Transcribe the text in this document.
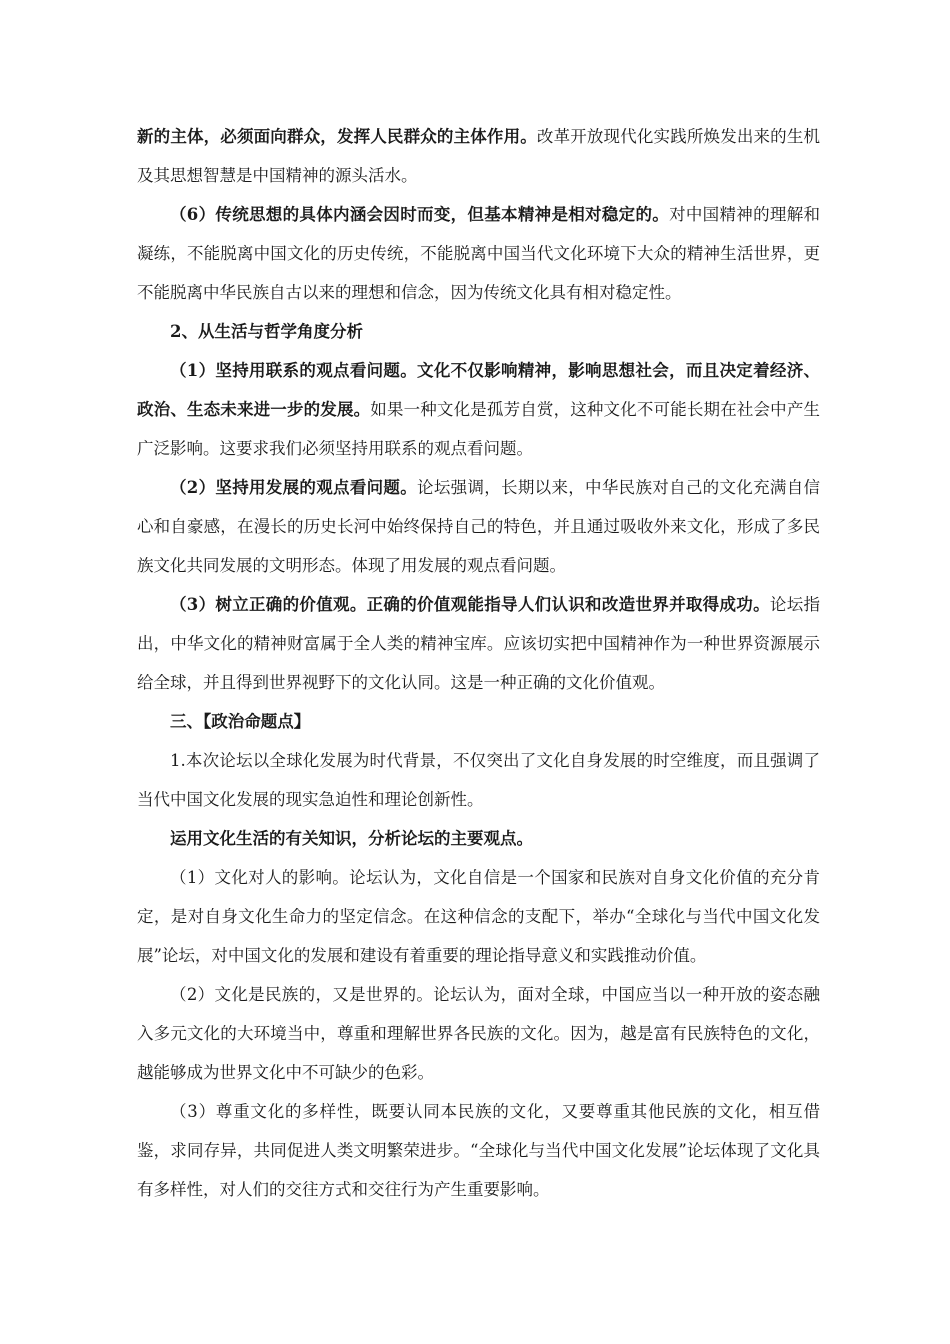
新的主体，必须面向群众，发挥人民群众的主体作用。改革开放现代化实践所焕发出来的生机及其思想智慧是中国精神的源头活水。

（6）传统思想的具体内涵会因时而变，但基本精神是相对稳定的。对中国精神的理解和凝练，不能脱离中国文化的历史传统，不能脱离中国当代文化环境下大众的精神生活世界，更不能脱离中华民族自古以来的理想和信念，因为传统文化具有相对稳定性。

2、从生活与哲学角度分析

（1）坚持用联系的观点看问题。文化不仅影响精神，影响思想社会，而且决定着经济、政治、生态未来进一步的发展。如果一种文化是孤芳自赏，这种文化不可能长期在社会中产生广泛影响。这要求我们必须坚持用联系的观点看问题。

（2）坚持用发展的观点看问题。论坛强调，长期以来，中华民族对自己的文化充满自信心和自豪感，在漫长的历史长河中始终保持自己的特色，并且通过吸收外来文化，形成了多民族文化共同发展的文明形态。体现了用发展的观点看问题。

（3）树立正确的价值观。正确的价值观能指导人们认识和改造世界并取得成功。论坛指出，中华文化的精神财富属于全人类的精神宝库。应该切实把中国精神作为一种世界资源展示给全球，并且得到世界视野下的文化认同。这是一种正确的文化价值观。

三、【政治命题点】

1.本次论坛以全球化发展为时代背景，不仅突出了文化自身发展的时空维度，而且强调了当代中国文化发展的现实急迫性和理论创新性。

运用文化生活的有关知识，分析论坛的主要观点。

（1）文化对人的影响。论坛认为，文化自信是一个国家和民族对自身文化价值的充分肯定，是对自身文化生命力的坚定信念。在这种信念的支配下，举办“全球化与当代中国文化发展”论坛，对中国文化的发展和建设有着重要的理论指导意义和实践推动价值。

（2）文化是民族的，又是世界的。论坛认为，面对全球，中国应当以一种开放的姿态融入多元文化的大环境当中，尊重和理解世界各民族的文化。因为，越是富有民族特色的文化，越能够成为世界文化中不可缺少的色彩。

（3）尊重文化的多样性，既要认同本民族的文化，又要尊重其他民族的文化，相互借鉴，求同存异，共同促进人类文明繁荣进步。“全球化与当代中国文化发展”论坛体现了文化具有多样性，对人们的交往方式和交往行为产生重要影响。
